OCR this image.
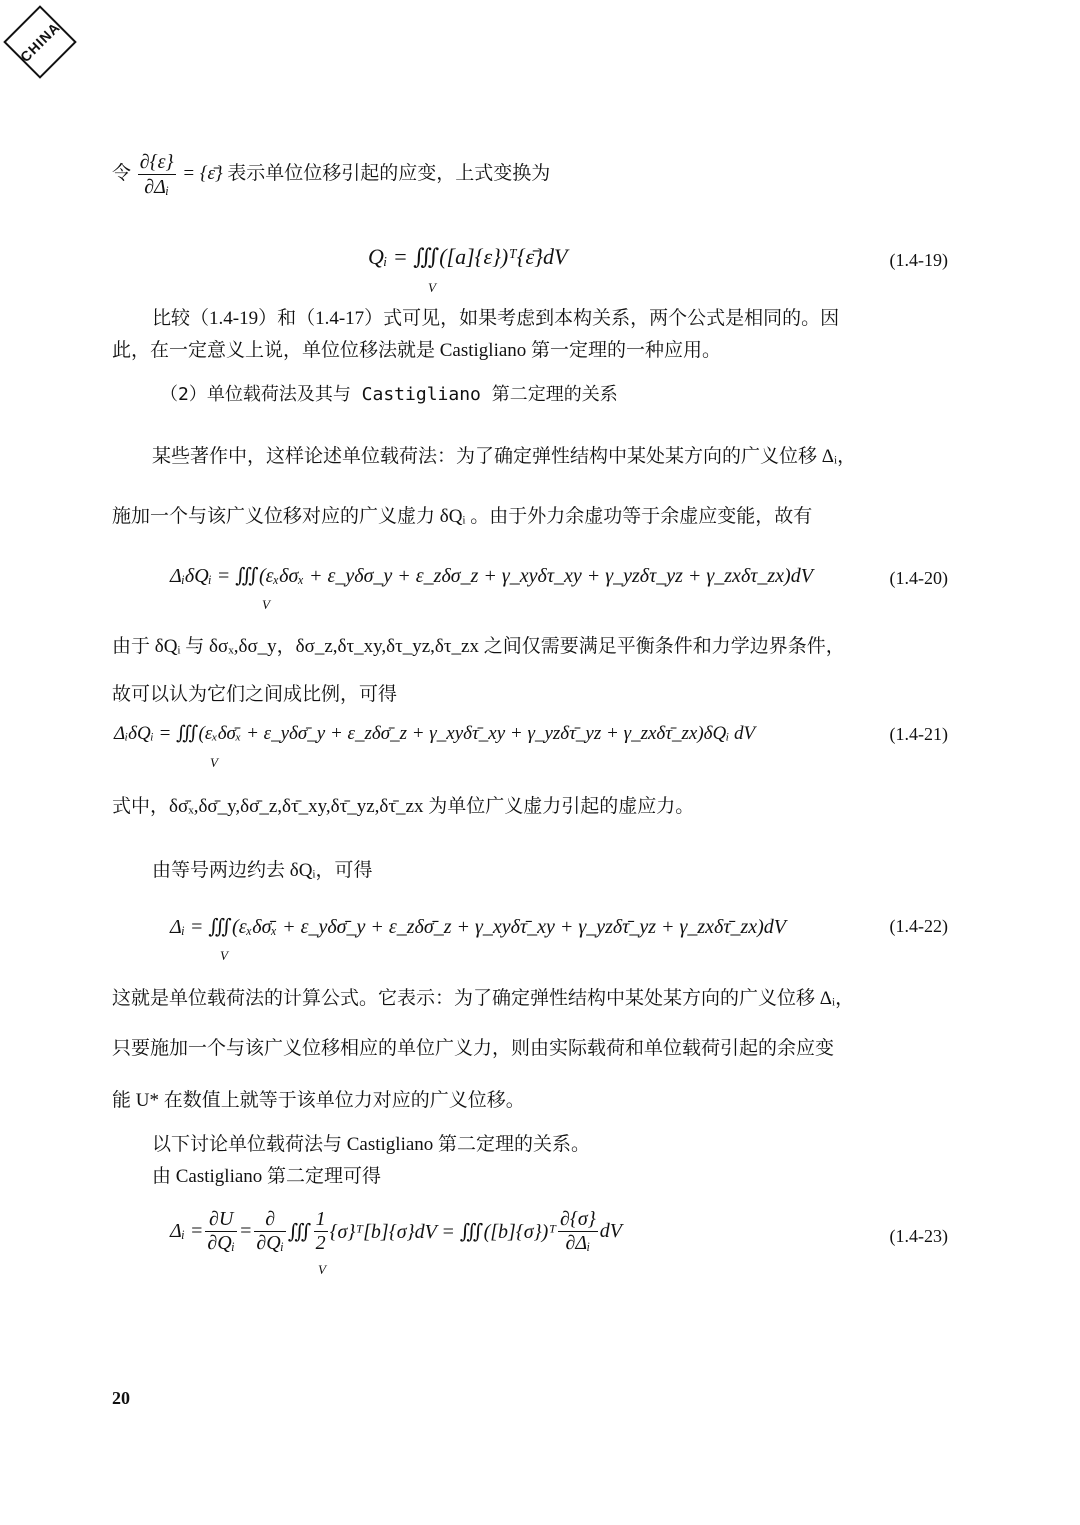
CHINA
令 $\frac{\partial\{\varepsilon\}}{\text{∂Δᵢ}}$ = {ε̄} 表示单位位移引起的应变，上式变换为
Qᵢ = ∭([a]{ε})ᵀ{ε̄}dV
V
(1.4-19)
比较（1.4-19）和（1.4-17）式可见，如果考虑到本构关系，两个公式是相同的。因
此，在一定意义上说，单位位移法就是 Castigliano 第一定理的一种应用。
（2）单位载荷法及其与 Castigliano 第二定理的关系
某些著作中，这样论述单位载荷法：为了确定弹性结构中某处某方向的广义位移 Δᵢ，
施加一个与该广义位移对应的广义虚力 δQᵢ 。由于外力余虚功等于余虚应变能，故有
ΔᵢδQᵢ = ∭(εₓδσₓ + ε_yδσ_y + ε_zδσ_z + γ_xyδτ_xy + γ_yzδτ_yz + γ_zxδτ_zx)dV
V
(1.4-20)
由于 δQᵢ 与 δσₓ,δσ_y，δσ_z,δτ_xy,δτ_yz,δτ_zx 之间仅需要满足平衡条件和力学边界条件，
故可以认为它们之间成比例，可得
ΔᵢδQᵢ = ∭(εₓδσ̄ₓ + ε_yδσ̄_y + ε_zδσ̄_z + γ_xyδτ̄_xy + γ_yzδτ̄_yz + γ_zxδτ̄_zx)δQᵢ dV
V
(1.4-21)
式中，δσ̄ₓ,δσ̄_y,δσ̄_z,δτ̄_xy,δτ̄_yz,δτ̄_zx 为单位广义虚力引起的虚应力。
由等号两边约去 δQᵢ，可得
Δᵢ = ∭(εₓδσ̄ₓ + ε_yδσ̄_y + ε_zδσ̄_z + γ_xyδτ̄_xy + γ_yzδτ̄_yz + γ_zxδτ̄_zx)dV
V
(1.4-22)
这就是单位载荷法的计算公式。它表示：为了确定弹性结构中某处某方向的广义位移 Δᵢ，
只要施加一个与该广义位移相应的单位广义力，则由实际载荷和单位载荷引起的余应变
能 U* 在数值上就等于该单位力对应的广义位移。
以下讨论单位载荷法与 Castigliano 第二定理的关系。
由 Castigliano 第二定理可得
Δᵢ = $\frac{\partial U}{\text{∂Qᵢ}} = \frac{\partial}{\text{∂Qᵢ}}$ ∭ $\frac{1}{2}$ {σ}ᵀ[b]{σ}dV = ∭([b]{σ})ᵀ $\frac{\partial\{\sigma\}}{\text{∂Δᵢ}}$ dV
V
(1.4-23)
20
